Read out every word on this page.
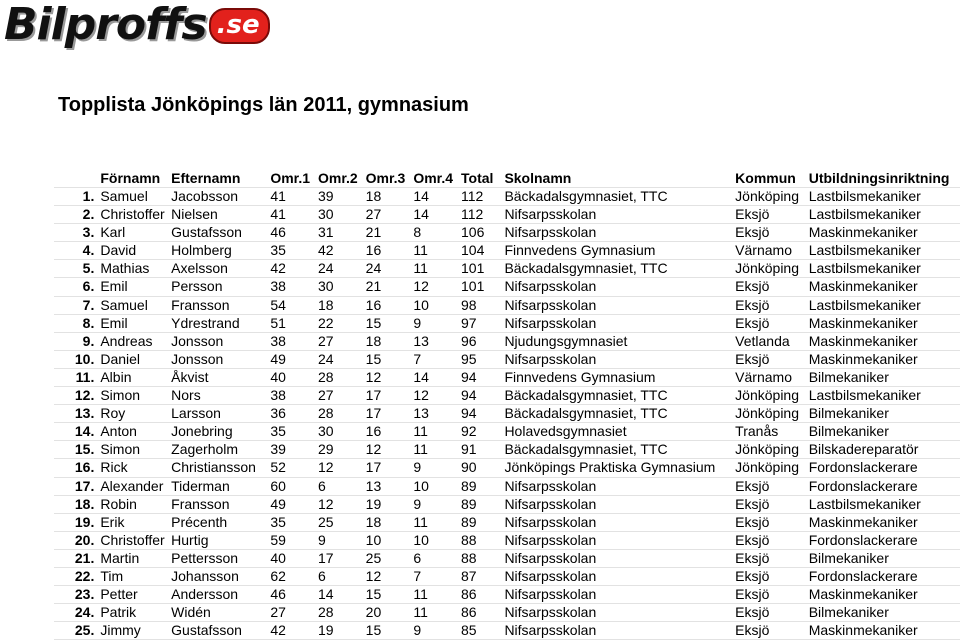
Bilproffs .se
Topplista Jönköpings län 2011, gymnasium
	Förnamn	Efternamn	Omr.1	Omr.2	Omr.3	Omr.4	Total	Skolnamn	Kommun	Utbildningsinriktning
1.	Samuel	Jacobsson	41	39	18	14	112	Bäckadalsgymnasiet, TTC	Jönköping	Lastbilsmekaniker
2.	Christoffer	Nielsen	41	30	27	14	112	Nifsarpsskolan	Eksjö	Lastbilsmekaniker
3.	Karl	Gustafsson	46	31	21	8	106	Nifsarpsskolan	Eksjö	Maskinmekaniker
4.	David	Holmberg	35	42	16	11	104	Finnvedens Gymnasium	Värnamo	Lastbilsmekaniker
5.	Mathias	Axelsson	42	24	24	11	101	Bäckadalsgymnasiet, TTC	Jönköping	Lastbilsmekaniker
6.	Emil	Persson	38	30	21	12	101	Nifsarpsskolan	Eksjö	Maskinmekaniker
7.	Samuel	Fransson	54	18	16	10	98	Nifsarpsskolan	Eksjö	Lastbilsmekaniker
8.	Emil	Ydrestrand	51	22	15	9	97	Nifsarpsskolan	Eksjö	Maskinmekaniker
9.	Andreas	Jonsson	38	27	18	13	96	Njudungsgymnasiet	Vetlanda	Maskinmekaniker
10.	Daniel	Jonsson	49	24	15	7	95	Nifsarpsskolan	Eksjö	Maskinmekaniker
11.	Albin	Åkvist	40	28	12	14	94	Finnvedens Gymnasium	Värnamo	Bilmekaniker
12.	Simon	Nors	38	27	17	12	94	Bäckadalsgymnasiet, TTC	Jönköping	Lastbilsmekaniker
13.	Roy	Larsson	36	28	17	13	94	Bäckadalsgymnasiet, TTC	Jönköping	Bilmekaniker
14.	Anton	Jonebring	35	30	16	11	92	Holavedsgymnasiet	Tranås	Bilmekaniker
15.	Simon	Zagerholm	39	29	12	11	91	Bäckadalsgymnasiet, TTC	Jönköping	Bilskadereparatör
16.	Rick	Christiansson	52	12	17	9	90	Jönköpings Praktiska Gymnasium	Jönköping	Fordonslackerare
17.	Alexander	Tiderman	60	6	13	10	89	Nifsarpsskolan	Eksjö	Fordonslackerare
18.	Robin	Fransson	49	12	19	9	89	Nifsarpsskolan	Eksjö	Lastbilsmekaniker
19.	Erik	Précenth	35	25	18	11	89	Nifsarpsskolan	Eksjö	Maskinmekaniker
20.	Christoffer	Hurtig	59	9	10	10	88	Nifsarpsskolan	Eksjö	Fordonslackerare
21.	Martin	Pettersson	40	17	25	6	88	Nifsarpsskolan	Eksjö	Bilmekaniker
22.	Tim	Johansson	62	6	12	7	87	Nifsarpsskolan	Eksjö	Fordonslackerare
23.	Petter	Andersson	46	14	15	11	86	Nifsarpsskolan	Eksjö	Maskinmekaniker
24.	Patrik	Widén	27	28	20	11	86	Nifsarpsskolan	Eksjö	Bilmekaniker
25.	Jimmy	Gustafsson	42	19	15	9	85	Nifsarpsskolan	Eksjö	Maskinmekaniker
